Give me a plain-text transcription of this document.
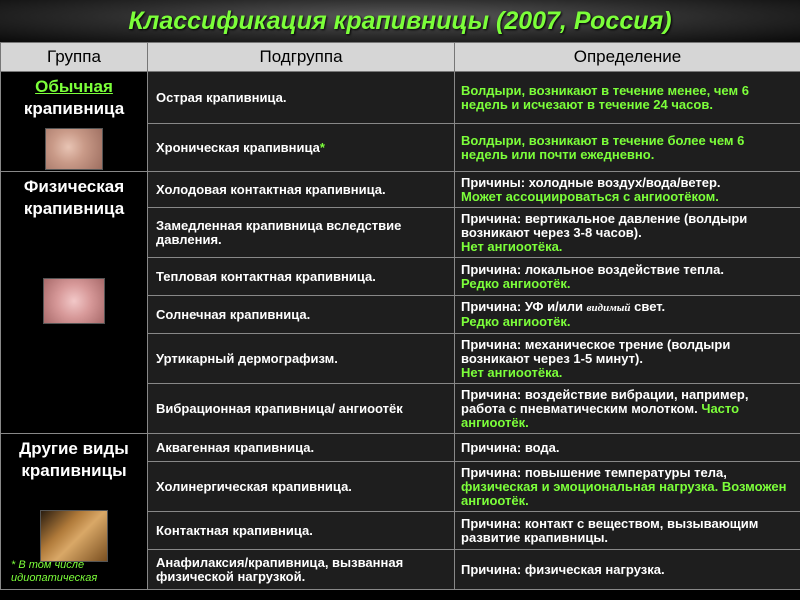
Классификация крапивницы (2007, Россия)
Группа	Подгруппа	Определение
Обычная
крапивница	Острая крапивница.	Волдыри, возникают в течение менее, чем 6 недель и исчезают в течение 24 часов.
	Хроническая крапивница*	Волдыри, возникают в течение более чем 6 недель или почти ежедневно.
Физическая крапивница	Холодовая контактная крапивница.	Причины: холодные воздух/вода/ветер.
Может ассоциироваться с ангиоотёком.
	Замедленная крапивница вследствие давления.	Причина: вертикальное давление (волдыри возникают через 3-8 часов).
Нет ангиоотёка.
	Тепловая контактная крапивница.	Причина: локальное воздействие тепла.
Редко ангиоотёк.
	Солнечная крапивница.	Причина: УФ и/или видимый свет.
Редко ангиоотёк.
	Уртикарный дермографизм.	Причина: механическое трение (волдыри возникают через 1-5 минут).
Нет ангиоотёка.
	Вибрационная крапивница/ ангиоотёк	Причина: воздействие вибрации, например, работа с пневматическим молотком. Часто ангиоотёк.
Другие виды крапивницы
* В том числе
идиопатическая	Аквагенная крапивница.	Причина: вода.
	Холинергическая крапивница.	Причина: повышение температуры тела,
физическая и эмоциональная нагрузка. Возможен ангиоотёк.
	Контактная крапивница.	Причина: контакт с веществом, вызывающим развитие крапивницы.
	Анафилаксия/крапивница, вызванная физической нагрузкой.	Причина: физическая нагрузка.
